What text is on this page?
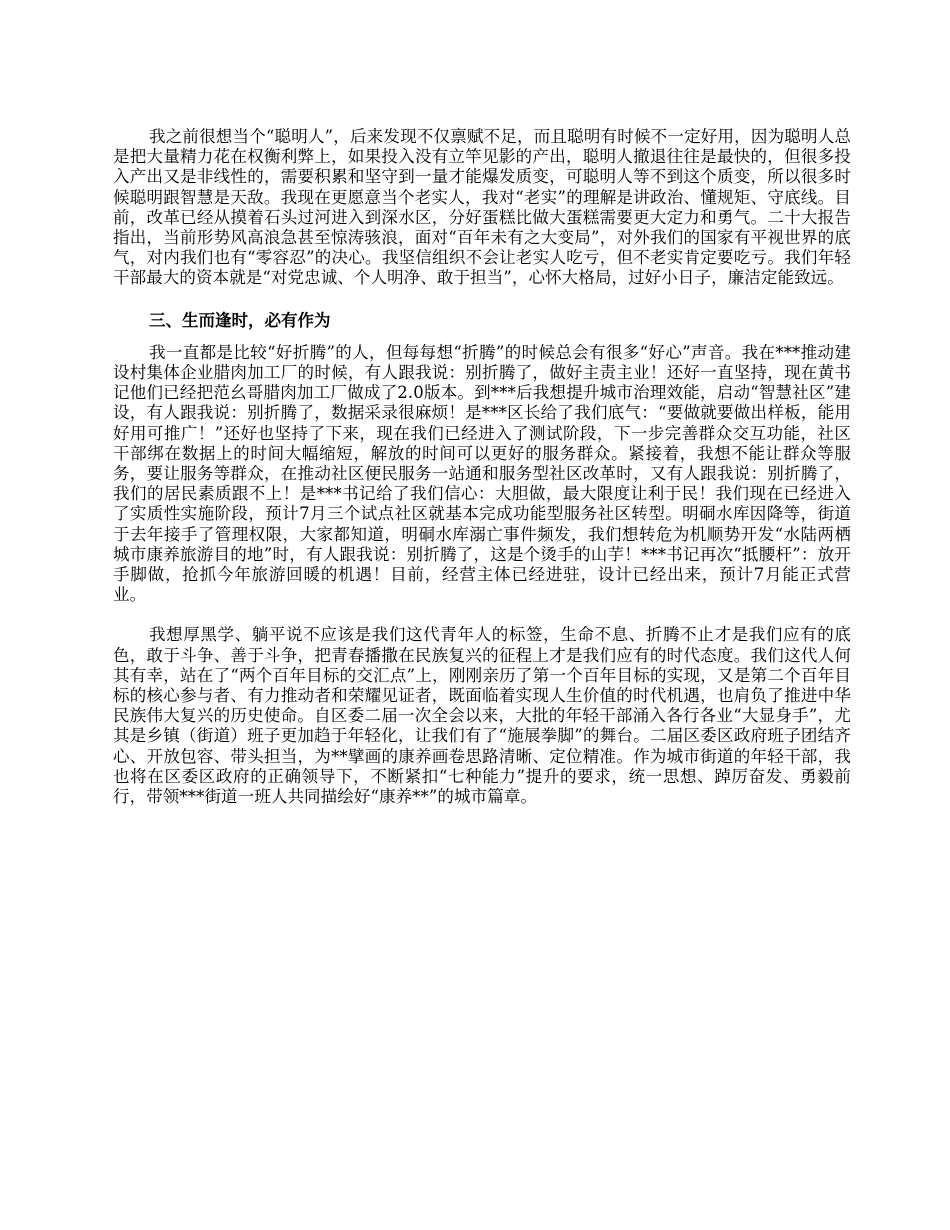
我之前很想当个“聪明人”，后来发现不仅禀赋不足，而且聪明有时候不一定好用，因为聪明人总是把大量精力花在权衡利弊上，如果投入没有立竿见影的产出，聪明人撤退往往是最快的，但很多投入产出又是非线性的，需要积累和坚守到一量才能爆发质变，可聪明人等不到这个质变，所以很多时候聪明跟智慧是天敌。我现在更愿意当个老实人，我对“老实”的理解是讲政治、懂规矩、守底线。目前，改革已经从摸着石头过河进入到深水区，分好蛋糕比做大蛋糕需要更大定力和勇气。二十大报告指出，当前形势风高浪急甚至惊涛骇浪，面对“百年未有之大变局”，对外我们的国家有平视世界的底气，对内我们也有“零容忍”的决心。我坚信组织不会让老实人吃亏，但不老实肯定要吃亏。我们年轻干部最大的资本就是“对党忠诚、个人明净、敢于担当”，心怀大格局，过好小日子，廉洁定能致远。

三、生而逢时，必有作为

我一直都是比较“好折腾”的人，但每每想“折腾”的时候总会有很多“好心”声音。我在***推动建设村集体企业腊肉加工厂的时候，有人跟我说：别折腾了，做好主责主业！还好一直坚持，现在黄书记他们已经把范幺哥腊肉加工厂做成了2.0版本。到***后我想提升城市治理效能，启动“智慧社区”建设，有人跟我说：别折腾了，数据采录很麻烦！是***区长给了我们底气：“要做就要做出样板，能用好用可推广！”还好也坚持了下来，现在我们已经进入了测试阶段，下一步完善群众交互功能，社区干部绑在数据上的时间大幅缩短，解放的时间可以更好的服务群众。紧接着，我想不能让群众等服务，要让服务等群众，在推动社区便民服务一站通和服务型社区改革时，又有人跟我说：别折腾了，我们的居民素质跟不上！是***书记给了我们信心：大胆做，最大限度让利于民！我们现在已经进入了实质性实施阶段，预计7月三个试点社区就基本完成功能型服务社区转型。明硐水库因降等，街道于去年接手了管理权限，大家都知道，明硐水库溺亡事件频发，我们想转危为机顺势开发“水陆两栖城市康养旅游目的地”时，有人跟我说：别折腾了，这是个烫手的山芋！***书记再次“抵腰杆”：放开手脚做，抢抓今年旅游回暖的机遇！目前，经营主体已经进驻，设计已经出来，预计7月能正式营业。

我想厚黑学、躺平说不应该是我们这代青年人的标签，生命不息、折腾不止才是我们应有的底色，敢于斗争、善于斗争，把青春播撒在民族复兴的征程上才是我们应有的时代态度。我们这代人何其有幸，站在了“两个百年目标的交汇点”上，刚刚亲历了第一个百年目标的实现，又是第二个百年目标的核心参与者、有力推动者和荣耀见证者，既面临着实现人生价值的时代机遇，也肩负了推进中华民族伟大复兴的历史使命。自区委二届一次全会以来，大批的年轻干部涌入各行各业“大显身手”，尤其是乡镇（街道）班子更加趋于年轻化，让我们有了“施展拳脚”的舞台。二届区委区政府班子团结齐心、开放包容、带头担当，为**擘画的康养画卷思路清晰、定位精准。作为城市街道的年轻干部，我也将在区委区政府的正确领导下，不断紧扣“七种能力”提升的要求，统一思想、踔厉奋发、勇毅前行，带领***街道一班人共同描绘好“康养**”的城市篇章。
